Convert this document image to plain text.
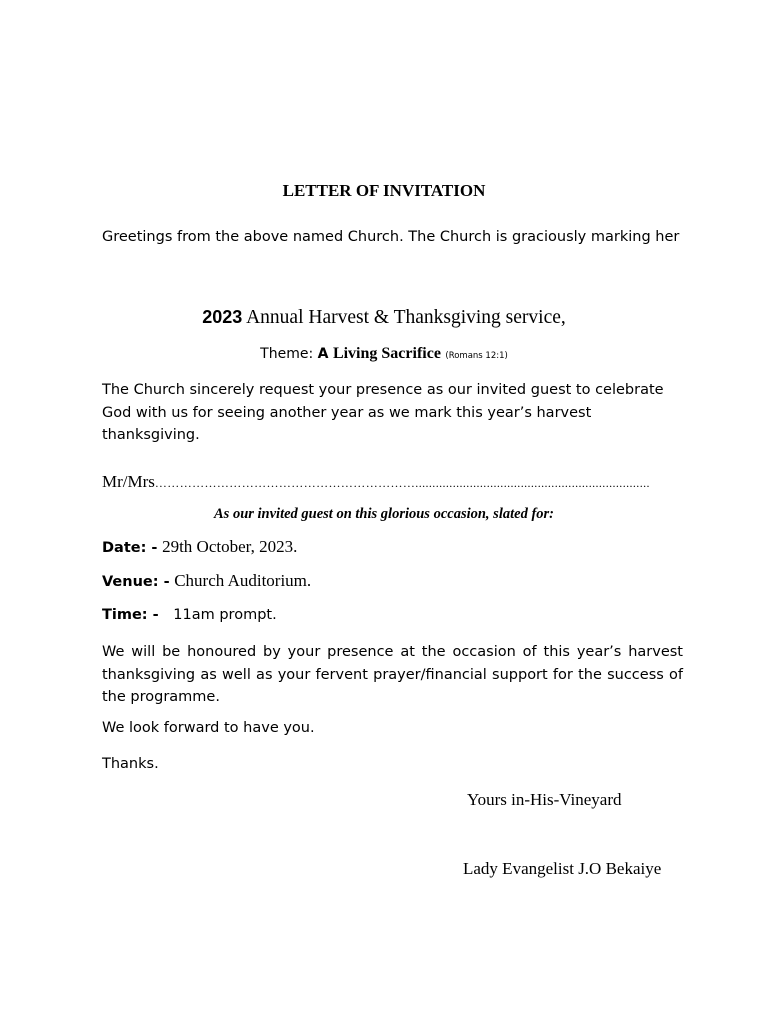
LETTER OF INVITATION
Greetings from the above named Church. The Church is graciously marking her
2023 Annual Harvest & Thanksgiving service,
Theme: A Living Sacrifice (Romans 12:1)
The Church sincerely request your presence as our invited guest to celebrate God with us for seeing another year as we mark this year’s harvest thanksgiving.
Mr/Mrs……………………………………………………….....................................................................
As our invited guest on this glorious occasion, slated for:
Date: - 29th October, 2023.
Venue: - Church Auditorium.
Time: - 11am prompt.
We will be honoured by your presence at the occasion of this year’s harvest thanksgiving as well as your fervent prayer/financial support for the success of the programme.
We look forward to have you.
Thanks.
Yours in-His-Vineyard
Lady Evangelist J.O Bekaiye
